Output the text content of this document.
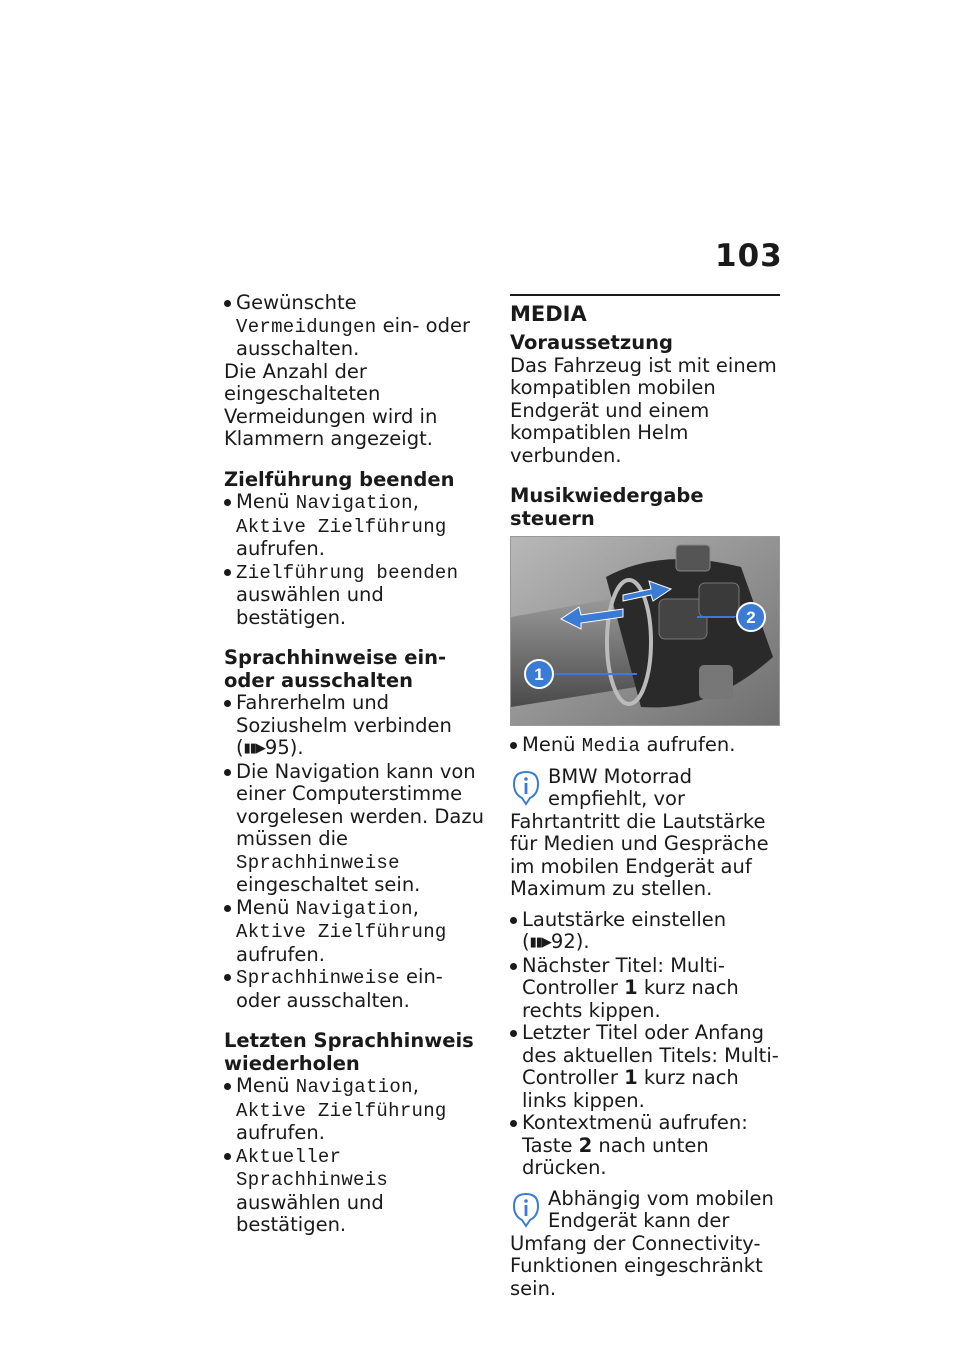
103
Gewünschte Vermeidungen ein- oder ausschalten.

Die Anzahl der eingeschalteten Vermeidungen wird in Klammern angezeigt.

Zielführung beenden
Menü Navigation, Aktive Zielführung aufrufen.
Zielführung beenden auswählen und bestätigen.
Sprachhinweise ein- oder ausschalten
Fahrerhelm und Soziushelm verbinden (▮▮▶95).
Die Navigation kann von einer Computerstimme vorgelesen werden. Dazu müssen die Sprachhinweise eingeschaltet sein.
Menü Navigation, Aktive Zielführung aufrufen.
Sprachhinweise ein- oder ausschalten.
Letzten Sprachhinweis wiederholen
Menü Navigation, Aktive Zielführung aufrufen.
Aktueller Sprachhinweis auswählen und bestätigen.
MEDIA
Voraussetzung

Das Fahrzeug ist mit einem kompatiblen mobilen Endgerät und einem kompatiblen Helm verbunden.

Musikwiedergabe steuern
1
2
Menü Media aufrufen.
BMW Motorrad empfiehlt, vor Fahrtantritt die Lautstärke für Medien und Gespräche im mobilen Endgerät auf Maximum zu stellen.
Lautstärke einstellen (▮▮▶92).
Nächster Titel: Multi-Controller 1 kurz nach rechts kippen.
Letzter Titel oder Anfang des aktuellen Titels: Multi-Controller 1 kurz nach links kippen.
Kontextmenü aufrufen: Taste 2 nach unten drücken.
Abhängig vom mobilen Endgerät kann der Umfang der Connectivity-Funktionen eingeschränkt sein.
